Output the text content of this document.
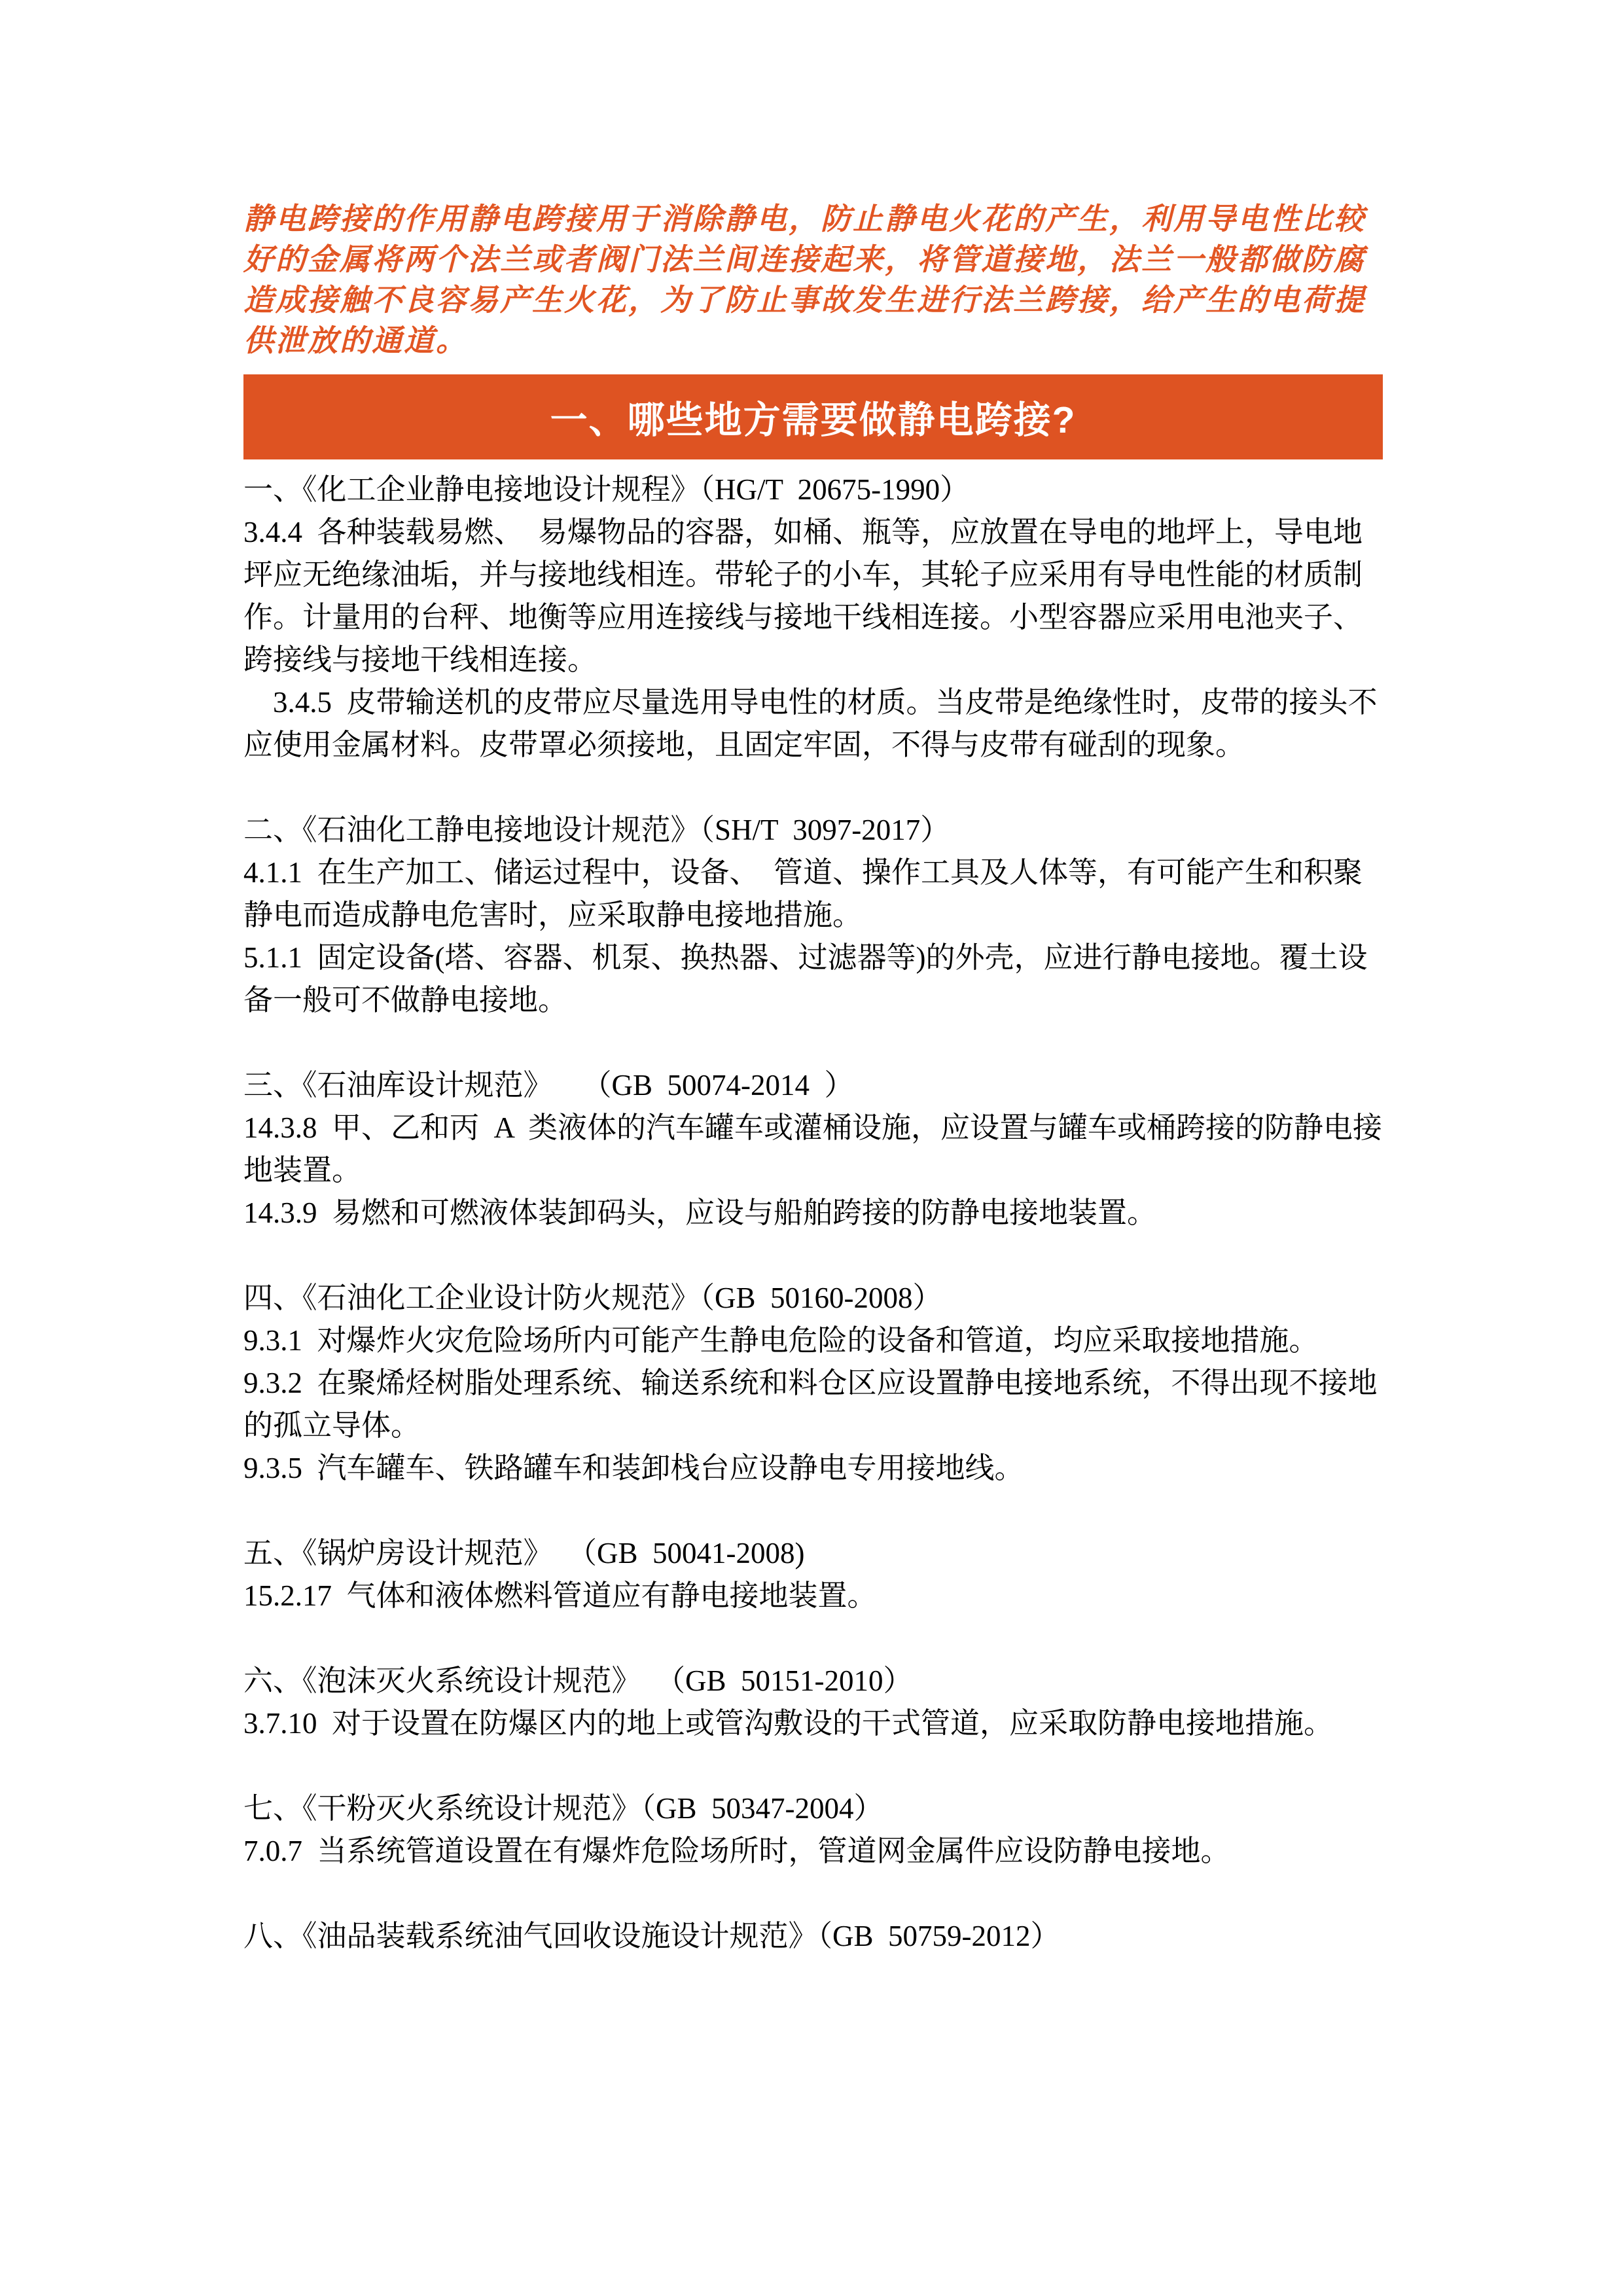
静电跨接的作用静电跨接用于消除静电，防止静电火花的产生，利用导电性比较好的金属将两个法兰或者阀门法兰间连接起来，将管道接地，法兰一般都做防腐造成接触不良容易产生火花，为了防止事故发生进行法兰跨接，给产生的电荷提供泄放的通道。

一、哪些地方需要做静电跨接?

一、《化工企业静电接地设计规程》（HG/T  20675-1990）

3.4.4  各种装载易燃、  易爆物品的容器，如桶、瓶等，应放置在导电的地坪上，导电地坪应无绝缘油垢，并与接地线相连。带轮子的小车，其轮子应采用有导电性能的材质制作。计量用的台秤、地衡等应用连接线与接地干线相连接。小型容器应采用电池夹子、跨接线与接地干线相连接。

3.4.5  皮带输送机的皮带应尽量选用导电性的材质。当皮带是绝缘性时，皮带的接头不应使用金属材料。皮带罩必须接地，且固定牢固，不得与皮带有碰刮的现象。

二、《石油化工静电接地设计规范》（SH/T  3097-2017）

4.1.1  在生产加工、储运过程中，设备、  管道、操作工具及人体等，有可能产生和积聚静电而造成静电危害时，应采取静电接地措施。

5.1.1  固定设备(塔、容器、机泵、换热器、过滤器等)的外壳，应进行静电接地。覆土设备一般可不做静电接地。

三、《石油库设计规范》    （GB  50074-2014  ）

14.3.8  甲、乙和丙  A  类液体的汽车罐车或灌桶设施，应设置与罐车或桶跨接的防静电接地装置。

14.3.9  易燃和可燃液体装卸码头，应设与船舶跨接的防静电接地装置。

四、《石油化工企业设计防火规范》（GB  50160-2008）

9.3.1  对爆炸火灾危险场所内可能产生静电危险的设备和管道，均应采取接地措施。

9.3.2  在聚烯烃树脂处理系统、输送系统和料仓区应设置静电接地系统，不得出现不接地的孤立导体。

9.3.5  汽车罐车、铁路罐车和装卸栈台应设静电专用接地线。

五、《锅炉房设计规范》  （GB  50041-2008)

15.2.17  气体和液体燃料管道应有静电接地装置。

六、《泡沫灭火系统设计规范》  （GB  50151-2010）

3.7.10  对于设置在防爆区内的地上或管沟敷设的干式管道，应采取防静电接地措施。

七、《干粉灭火系统设计规范》（GB  50347-2004）

7.0.7  当系统管道设置在有爆炸危险场所时，管道网金属件应设防静电接地。

八、《油品装载系统油气回收设施设计规范》（GB  50759-2012）
